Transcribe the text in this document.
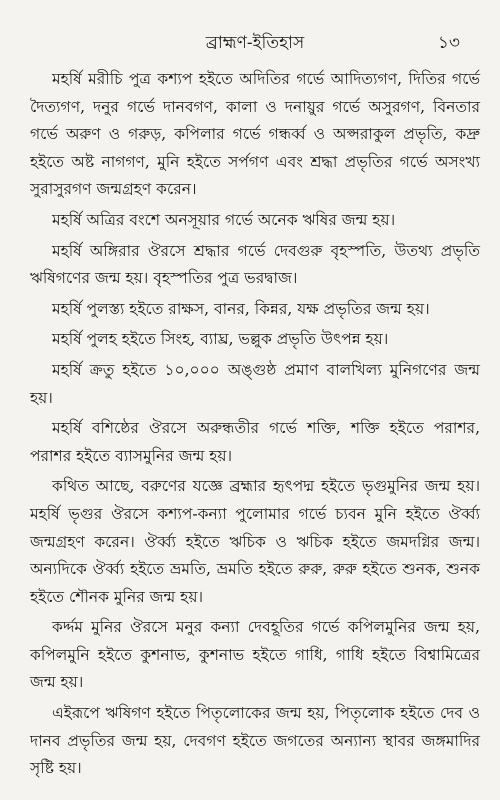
ব্রাহ্মণ-ইতিহাস	১৩

মহর্ষি মরীচি পুত্র কশ্যপ হইতে অদিতির গর্ভে আদিত্যগণ, দিতির গর্ভে দৈত্যগণ, দনুর গর্ভে দানবগণ, কালা ও দনায়ুর গর্ভে অসুরগণ, বিনতার গর্ভে অরুণ ও গরুড়, কপিলার গর্ভে গন্ধর্ব্ব ও অপ্সরাকুল প্রভৃতি, কদ্রু হইতে অষ্ট নাগগণ, মুনি হইতে সর্পগণ এবং শ্রদ্ধা প্রভৃতির গর্ভে অসংখ্য সুরাসুরগণ জন্মগ্রহণ করেন।

মহর্ষি অত্রির বংশে অনসূয়ার গর্ভে অনেক ঋষির জন্ম হয়।

মহর্ষি অঙ্গিরার ঔরসে শ্রদ্ধার গর্ভে দেবগুরু বৃহস্পতি, উতথ্য প্রভৃতি ঋষিগণের জন্ম হয়। বৃহস্পতির পুত্র ভরদ্বাজ।

মহর্ষি পুলস্ত্য হইতে রাক্ষস, বানর, কিন্নর, যক্ষ প্রভৃতির জন্ম হয়।

মহর্ষি পুলহ হইতে সিংহ, ব্যাঘ্র, ভল্লুক প্রভৃতি উৎপন্ন হয়।

মহর্ষি ক্রতু হইতে ১০,০০০ অঙ্গুষ্ঠ প্রমাণ বালখিল্য মুনিগণের জন্ম হয়।

মহর্ষি বশিষ্ঠের ঔরসে অরুন্ধতীর গর্ভে শক্তি, শক্তি হইতে পরাশর, পরাশর হইতে ব্যাসমুনির জন্ম হয়।

কথিত আছে, বরুণের যজ্ঞে ব্রহ্মার হৃৎপদ্ম হইতে ভৃগুমুনির জন্ম হয়। মহর্ষি ভৃগুর ঔরসে কশ্যপ-কন্যা পুলোমার গর্ভে চ্যবন মুনি হইতে ঔর্ব্ব্য জন্মগ্রহণ করেন। ঔর্ব্ব্য হইতে ঋচিক ও ঋচিক হইতে জমদগ্নির জন্ম। অন্যদিকে ঔর্ব্ব্য হইতে ভ্রমতি, ভ্রমতি হইতে রুরু, রুরু হইতে শুনক, শুনক হইতে শৌনক মুনির জন্ম হয়।

কর্দ্দম মুনির ঔরসে মনুর কন্যা দেবহূতির গর্ভে কপিলমুনির জন্ম হয়, কপিলমুনি হইতে কুশনাভ, কুশনাভ হইতে গাধি, গাধি হইতে বিশ্বামিত্রের জন্ম হয়।

এইরূপে ঋষিগণ হইতে পিতৃলোকের জন্ম হয়, পিতৃলোক হইতে দেব ও দানব প্রভৃতির জন্ম হয়, দেবগণ হইতে জগতের অন্যান্য স্থাবর জঙ্গমাদির সৃষ্টি হয়।
